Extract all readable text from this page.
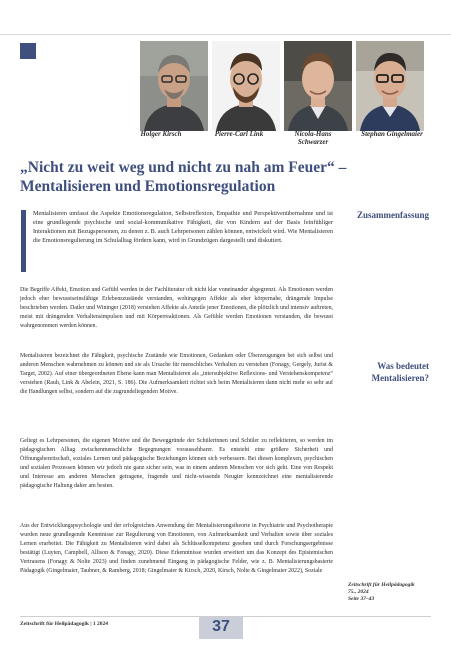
Holger Kirsch	Pierre-Carl Link	Nicola-Hans
Schwarzer
Stephan Gingelmaier
„Nicht zu weit weg und nicht zu nah am Feuer“ – Mentalisieren und Emotionsregulation

Mentalisieren umfasst die Aspekte Emotionsregulation, Selbstreflexion, Empathie und Perspektivenübernahme und ist eine grundlegende psychische und sozial-kommunikative Fähigkeit, die von Kindern auf der Basis feinfühliger Interaktionen mit Bezugspersonen, zu denen z. B. auch Lehrpersonen zählen können, entwickelt wird. Wie Mentalisieren die Emotionsregulierung im Schulalltag fördern kann, wird in Grundzügen dargestellt und diskutiert.

Zusammenfassung

Die Begriffe Affekt, Emotion und Gefühl werden in der Fachliteratur oft nicht klar voneinander abgegrenzt. Als Emotionen werden jedoch eher bewusstseinsfähige Erlebenszustände verstanden, wohingegen Affekte als eher körpernahe, drängende Impulse beschrieben werden. Datler und Wininger (2018) verstehen Affekte als Anteile jener Emotionen, die plötzlich und intensiv auftreten, meist mit drängenden Verhaltensimpulsen und mit Körperreaktionen. Als Gefühle werden Emotionen verstanden, die bewusst wahrgenommen werden können.

Mentalisieren bezeichnet die Fähigkeit, psychische Zustände wie Emotionen, Gedanken oder Überzeugungen bei sich selbst und anderen Menschen wahrnehmen zu können und sie als Ursache für menschliches Verhalten zu verstehen (Fonagy, Gergely, Jurist & Target, 2002). Auf einer übergeordneten Ebene kann man Mentalisieren als „intersubjektive Reflexions- und Verstehenskompetenz“ verstehen (Rauh, Link & Abelein, 2021, S. 186). Die Aufmerksamkeit richtet sich beim Mentalisieren dann nicht mehr so sehr auf die Handlungen selbst, sondern auf die zugrundeliegenden Motive.

Was bedeutet
Mentalisieren?

Geltegt es Lehrpersonen, die eigenen Motive und die Beweggründe der Schülerinnen und Schüler zu reflektieren, so werden im pädagogischen Alltag zwischenmenschliche Begegnungen voraussehbarer. Es entsteht eine größere Sicherheit und Öffnungsbereitschaft, soziales Lernen und pädagogische Beziehungen können sich verbessern. Bei diesen komplexen, psychischen und sozialen Prozessen können wir jedoch nie ganz sicher sein, was in einem anderen Menschen vor sich geht. Eine von Respekt und Interesse am anderen Menschen getragene, fragende und nicht-wissende Neugier kennzeichnet eine mentalisierende pädagogische Haltung daher am besten.

Aus der Entwicklungspsychologie und der erfolgreichen Anwendung der Mentalisierungstheorie in Psychiatrie und Psychotherapie wurden neue grundlegende Kenntnisse zur Regulierung von Emotionen, von Aufmerksamkeit und Verhalten sowie über soziales Lernen erarbeitet. Die Fähigkeit zu Mentalisieren wird dabei als Schlüsselkompetenz gesehen und durch Forschungsergebnisse bestätigt (Luyten, Campbell, Allison & Fonagy, 2020). Diese Erkenntnisse wurden erweitert um das Konzept des Epistemischen Vertrauens (Fonagy & Nolte 2023) und finden zunehmend Eingang in pädagogische Felder, wie z. B. Mentalisierungsbasierte Pädagogik (Gingelmaier, Taubner, & Ramberg, 2018; Gingelmaier & Kirsch, 2020, Kirsch, Nolte & Gingelmaier 2022), Soziale

Zeitschrift für Heilpädagogik
75., 2024
Seite 37–43
Zeitschrift für Heilpädagogik | 1 2024	37
